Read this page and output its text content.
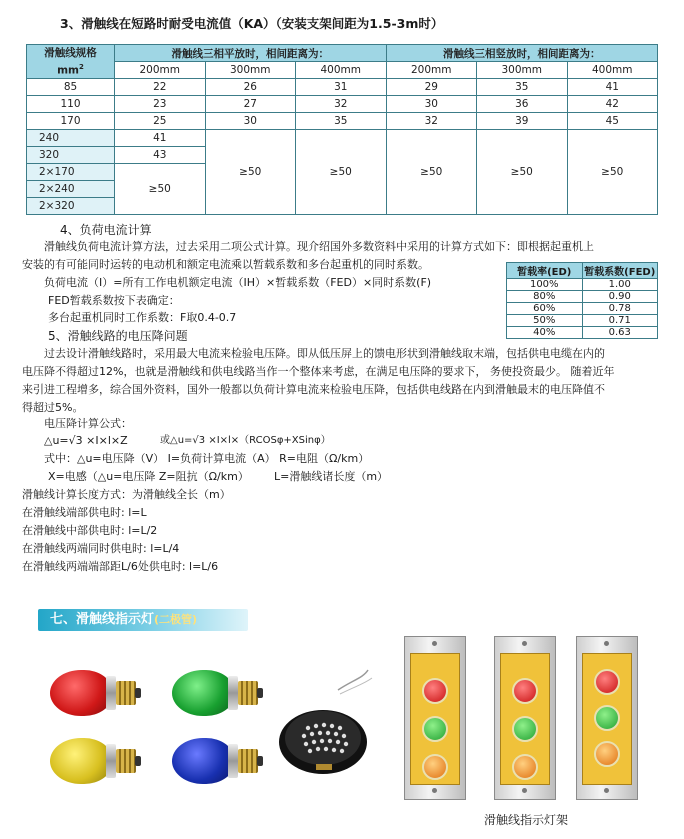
3、滑触线在短路时耐受电流值（KA）（安装支架间距为1.5-3m时）
滑触线规格
$mm^2$	滑触线三相平放时，相间距离为：			滑触线三相竖放时，相间距离为：		
	200mm	300mm	400mm	200mm	300mm	400mm
85	22	26	31	29	35	41
110	23	27	32	30	36	42
170	25	30	35	32	39	45
240	41	≥50	≥50	≥50	≥50	≥50
320	43					
2×170	≥50					
2×240						
2×320						
4、负荷电流计算
滑触线负荷电流计算方法，过去采用二项公式计算。现介绍国外多数资料中采用的计算方式如下：即根据起重机上
安装的有可能同时运转的电动机和额定电流乘以暂载系数和多台起重机的同时系数。
负荷电流（I）=所有工作电机额定电流（IH）×暂载系数（FED）×同时系数(F)
FED暂载系数按下表确定：
多台起重机同时工作系数：F取0.4-0.7
暂载率(ED)	暂载系数(FED)
100%	1.00
80%	0.90
60%	0.78
50%	0.71
40%	0.63
5、滑触线路的电压降问题
过去设计滑触线路时，采用最大电流来检验电压降。即从低压屏上的馈电形状到滑触线取末端，包括供电电缆在内的
电压降不得超过12%，也就是滑触线和供电线路当作一个整体来考虑，在满足电压降的要求下， 务使投资最少。 随着近年
来引进工程增多，综合国外资料，国外一般都以负荷计算电流来检验电压降，包括供电线路在内到滑触最末的电压降值不
得超过5%。
电压降计算公式：
△u=√3 ×I×l×Z	或△u=√3 ×I×l×（RCOSφ+XSinφ）
式中：△u=电压降（V） I=负荷计算电流（A） R=电阻（Ω/km）
X=电感（△u=电压降 Z=阻抗（Ω/km） L=滑触线诸长度（m）
滑触线计算长度方式：为滑触线全长（m）
在滑触线端部供电时: l=L
在滑触线中部供电时: l=L/2
在滑触线两端同时供电时: l=L/4
在滑触线两端端部距L/6处供电时: l=L/6
七、滑触线指示灯(二极管)
滑触线指示灯架
